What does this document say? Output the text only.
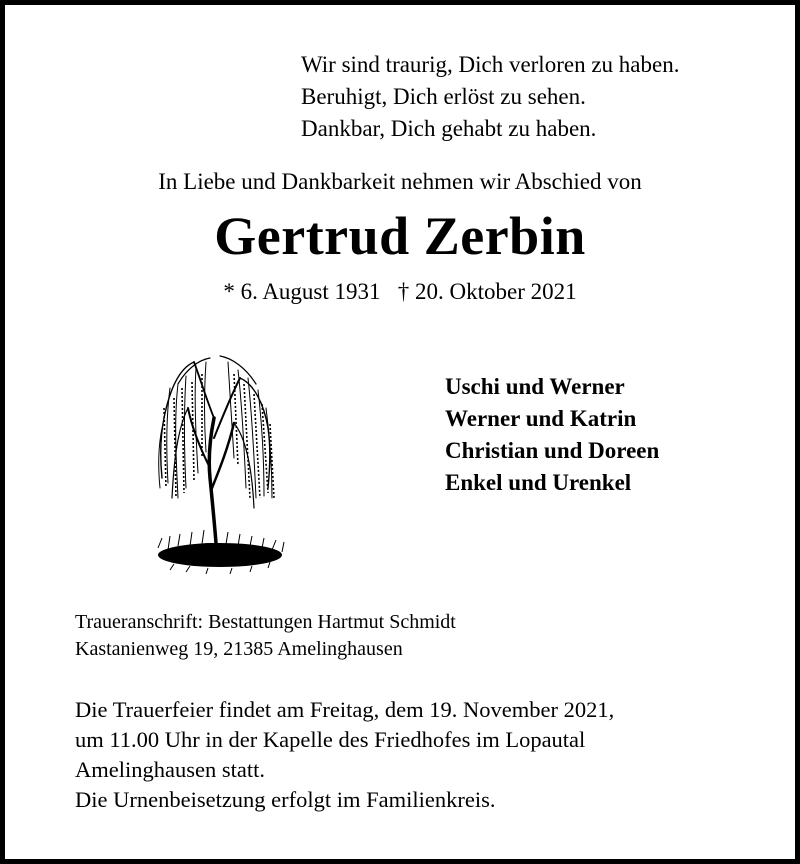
Wir sind traurig, Dich verloren zu haben.
Beruhigt, Dich erlöst zu sehen.
Dankbar, Dich gehabt zu haben.
In Liebe und Dankbarkeit nehmen wir Abschied von
Gertrud Zerbin
* 6. August 1931 † 20. Oktober 2021
Uschi und Werner
Werner und Katrin
Christian und Doreen
Enkel und Urenkel
Traueranschrift: Bestattungen Hartmut Schmidt
Kastanienweg 19, 21385 Amelinghausen
Die Trauerfeier findet am Freitag, dem 19. November 2021,
um 11.00 Uhr in der Kapelle des Friedhofes im Lopautal
Amelinghausen statt.
Die Urnenbeisetzung erfolgt im Familienkreis.
